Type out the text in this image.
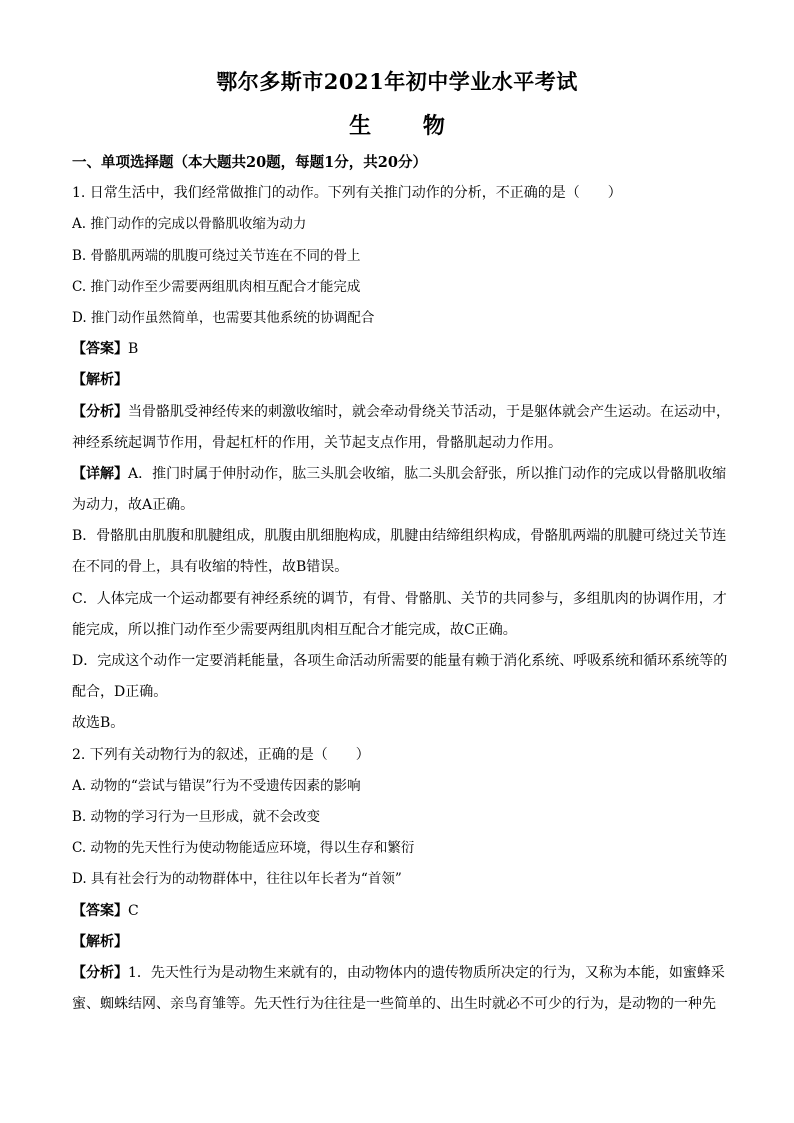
鄂尔多斯市2021年初中学业水平考试
生 物
一、单项选择题（本大题共20题，每题1分，共20分）
1. 日常生活中，我们经常做推门的动作。下列有关推门动作的分析，不正确的是（　　）
A. 推门动作的完成以骨骼肌收缩为动力
B. 骨骼肌两端的肌腹可绕过关节连在不同的骨上
C. 推门动作至少需要两组肌肉相互配合才能完成
D. 推门动作虽然简单，也需要其他系统的协调配合
【答案】B
【解析】
【分析】当骨骼肌受神经传来的刺激收缩时，就会牵动骨绕关节活动，于是躯体就会产生运动。在运动中，
神经系统起调节作用，骨起杠杆的作用，关节起支点作用，骨骼肌起动力作用。
【详解】A．推门时属于伸肘动作，肱三头肌会收缩，肱二头肌会舒张，所以推门动作的完成以骨骼肌收缩
为动力，故A正确。
B．骨骼肌由肌腹和肌腱组成，肌腹由肌细胞构成，肌腱由结缔组织构成，骨骼肌两端的肌腱可绕过关节连
在不同的骨上，具有收缩的特性，故B错误。
C．人体完成一个运动都要有神经系统的调节，有骨、骨骼肌、关节的共同参与，多组肌肉的协调作用，才
能完成，所以推门动作至少需要两组肌肉相互配合才能完成，故C正确。
D．完成这个动作一定要消耗能量，各项生命活动所需要的能量有赖于消化系统、呼吸系统和循环系统等的
配合，D正确。
故选B。
2. 下列有关动物行为的叙述，正确的是（　　）
A. 动物的“尝试与错误”行为不受遗传因素的影响
B. 动物的学习行为一旦形成，就不会改变
C. 动物的先天性行为使动物能适应环境，得以生存和繁衍
D. 具有社会行为的动物群体中，往往以年长者为“首领”
【答案】C
【解析】
【分析】1．先天性行为是动物生来就有的，由动物体内的遗传物质所决定的行为，又称为本能，如蜜蜂采
蜜、蜘蛛结网、亲鸟育雏等。先天性行为往往是一些简单的、出生时就必不可少的行为，是动物的一种先
